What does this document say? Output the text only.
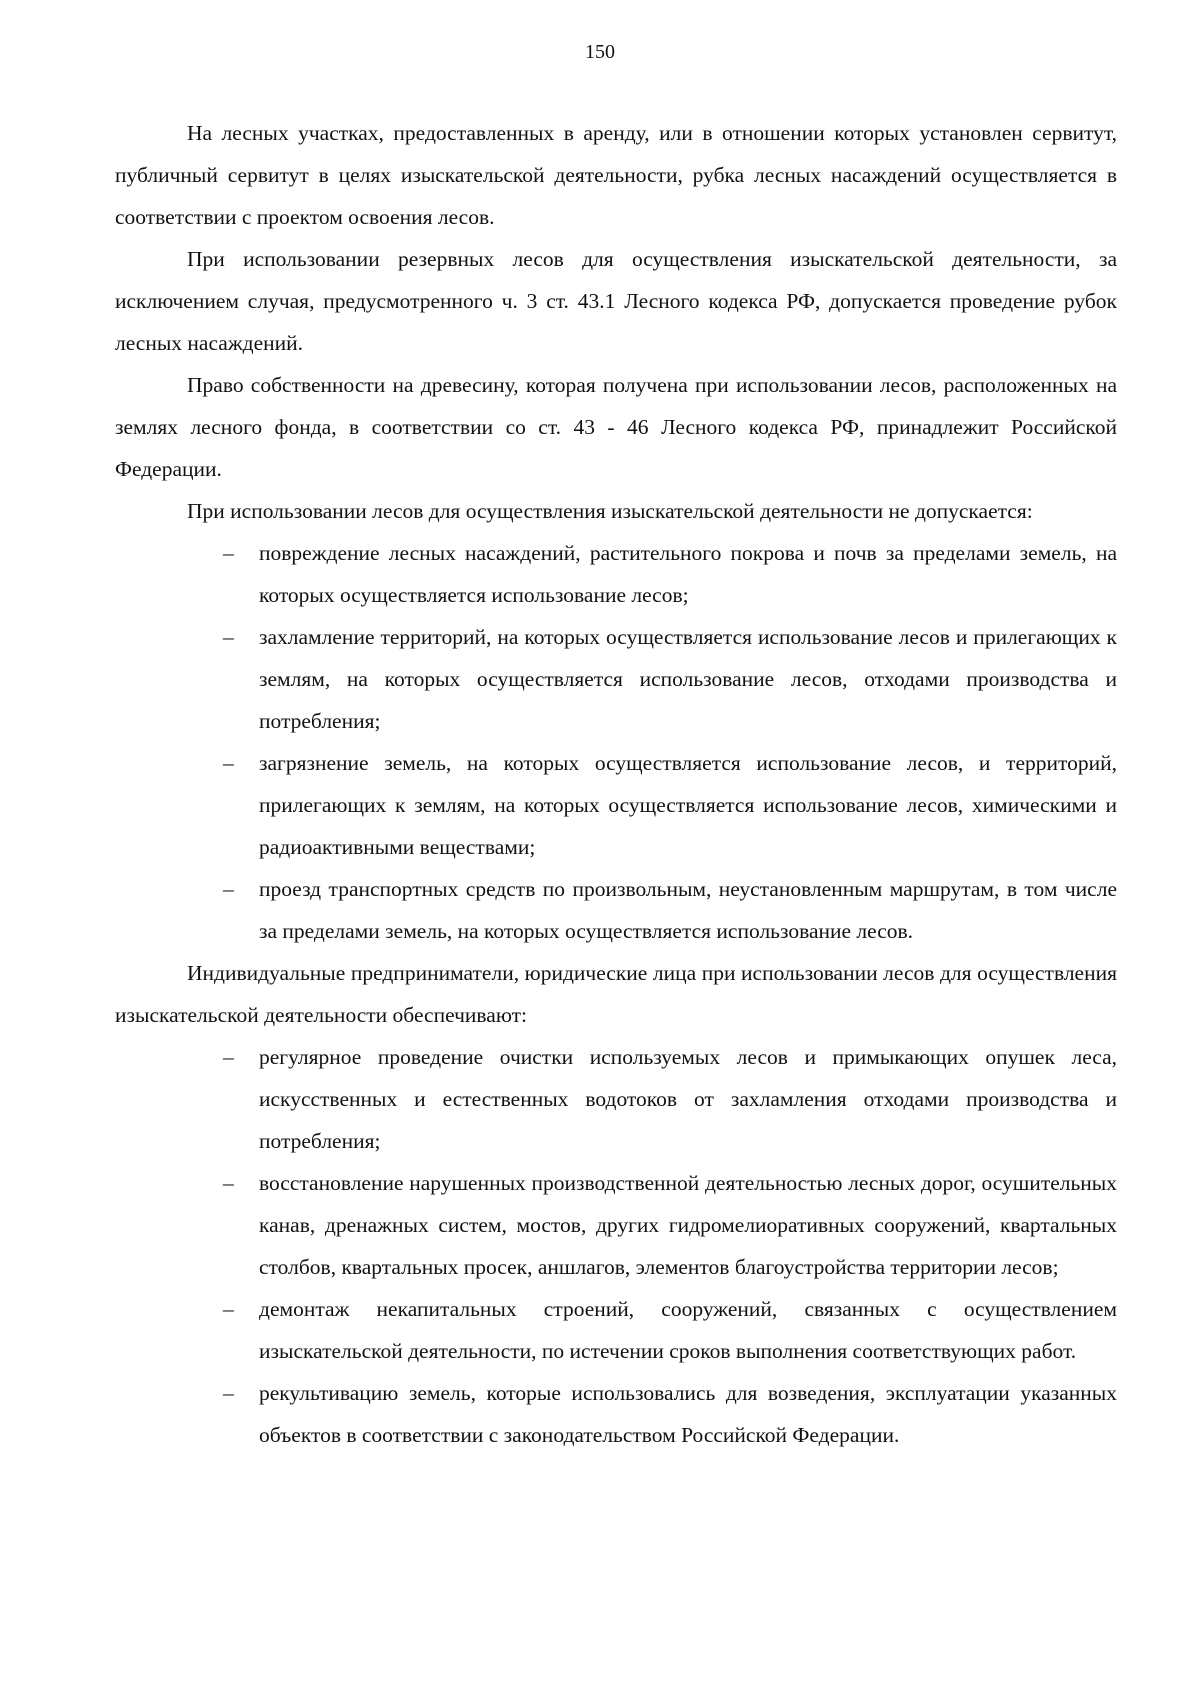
150

На лесных участках, предоставленных в аренду, или в отношении которых установлен сервитут, публичный сервитут в целях изыскательской деятельности, рубка лесных насаждений осуществляется в соответствии с проектом освоения лесов.

При использовании резервных лесов для осуществления изыскательской деятельности, за исключением случая, предусмотренного ч. 3 ст. 43.1 Лесного кодекса РФ, допускается проведение рубок лесных насаждений.

Право собственности на древесину, которая получена при использовании лесов, расположенных на землях лесного фонда, в соответствии со ст. 43 - 46 Лесного кодекса РФ, принадлежит Российской Федерации.

При использовании лесов для осуществления изыскательской деятельности не допускается:

– повреждение лесных насаждений, растительного покрова и почв за пределами земель, на которых осуществляется использование лесов;
– захламление территорий, на которых осуществляется использование лесов и прилегающих к землям, на которых осуществляется использование лесов, отходами производства и потребления;
– загрязнение земель, на которых осуществляется использование лесов, и территорий, прилегающих к землям, на которых осуществляется использование лесов, химическими и радиоактивными веществами;
– проезд транспортных средств по произвольным, неустановленным маршрутам, в том числе за пределами земель, на которых осуществляется использование лесов.

Индивидуальные предприниматели, юридические лица при использовании лесов для осуществления изыскательской деятельности обеспечивают:

– регулярное проведение очистки используемых лесов и примыкающих опушек леса, искусственных и естественных водотоков от захламления отходами производства и потребления;
– восстановление нарушенных производственной деятельностью лесных дорог, осушительных канав, дренажных систем, мостов, других гидромелиоративных сооружений, квартальных столбов, квартальных просек, аншлагов, элементов благоустройства территории лесов;
– демонтаж некапитальных строений, сооружений, связанных с осуществлением изыскательской деятельности, по истечении сроков выполнения соответствующих работ.
– рекультивацию земель, которые использовались для возведения, эксплуатации указанных объектов в соответствии с законодательством Российской Федерации.
